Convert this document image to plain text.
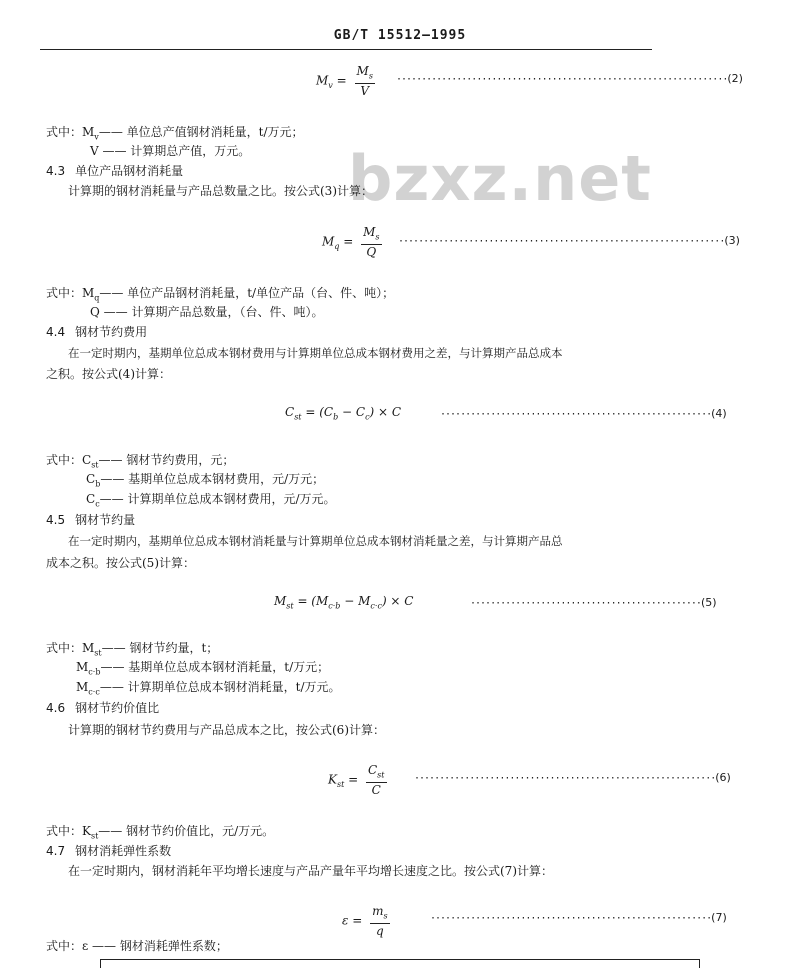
GB/T 15512—1995
bzxz.net
$M_v = \frac{M_s}{V} \cdot\cdot\cdot\cdot\cdot\cdot\cdot\cdot\cdot\cdot\cdot\cdot\cdot\cdot\cdot\cdot\cdot\cdot\cdot\cdot\cdot\cdot\cdot\cdot\cdot\cdot\cdot\cdot\cdot\cdot\cdot\cdot\cdot\cdot\cdot\cdot\cdot\cdot\cdot\cdot\cdot\cdot\cdot\cdot\cdot\cdot\cdot\cdot\cdot\cdot\cdot\cdot\cdot\cdot\cdot\cdot\cdot\cdot\cdot\cdot\cdot\cdot\cdot\cdot\cdot\cdot(2)$
式中：$M_v——$ 单位总产值钢材消耗量，t/万元；
V —— 计算期总产值，万元。
4.3 单位产品钢材消耗量
计算期的钢材消耗量与产品总数量之比。按公式(3)计算：
$M_q = \frac{M_s}{Q} \cdot\cdot\cdot\cdot\cdot\cdot\cdot\cdot\cdot\cdot\cdot\cdot\cdot\cdot\cdot\cdot\cdot\cdot\cdot\cdot\cdot\cdot\cdot\cdot\cdot\cdot\cdot\cdot\cdot\cdot\cdot\cdot\cdot\cdot\cdot\cdot\cdot\cdot\cdot\cdot\cdot\cdot\cdot\cdot\cdot\cdot\cdot\cdot\cdot\cdot\cdot\cdot\cdot\cdot\cdot\cdot\cdot\cdot\cdot\cdot\cdot\cdot\cdot\cdot\cdot(3)$
式中：$M_q——$ 单位产品钢材消耗量，t/单位产品（台、件、吨）；
Q —— 计算期产品总数量，（台、件、吨）。
4.4 钢材节约费用
在一定时期内，基期单位总成本钢材费用与计算期单位总成本钢材费用之差，与计算期产品总成本
之积。按公式(4)计算：
$C_{st} = (C_b - C_c) \times C$	······················································(4)
式中：$C_{st}——$ 钢材节约费用，元；
$C_b——$ 基期单位总成本钢材费用，元/万元；
$C_c——$ 计算期单位总成本钢材费用，元/万元。
4.5 钢材节约量
在一定时期内，基期单位总成本钢材消耗量与计算期单位总成本钢材消耗量之差，与计算期产品总
成本之积。按公式(5)计算：
$M_{st} = (M_{c\cdot b} - M_{c\cdot c}) \times C$	··············································(5)
式中：$M_{st}——$ 钢材节约量，t；
$M_{c\cdot b}——$ 基期单位总成本钢材消耗量，t/万元；
$M_{c\cdot c}——$ 计算期单位总成本钢材消耗量，t/万元。
4.6 钢材节约价值比
计算期的钢材节约费用与产品总成本之比，按公式(6)计算：
$K_{st} = \frac{C_{st}}{C}$	····························································(6)
式中：$K_{st}——$ 钢材节约价值比，元/万元。
4.7 钢材消耗弹性系数
在一定时期内，钢材消耗年平均增长速度与产品产量年平均增长速度之比。按公式(7)计算：
$\varepsilon = \frac{m_s}{q}$	························································(7)
式中：ε —— 钢材消耗弹性系数；
